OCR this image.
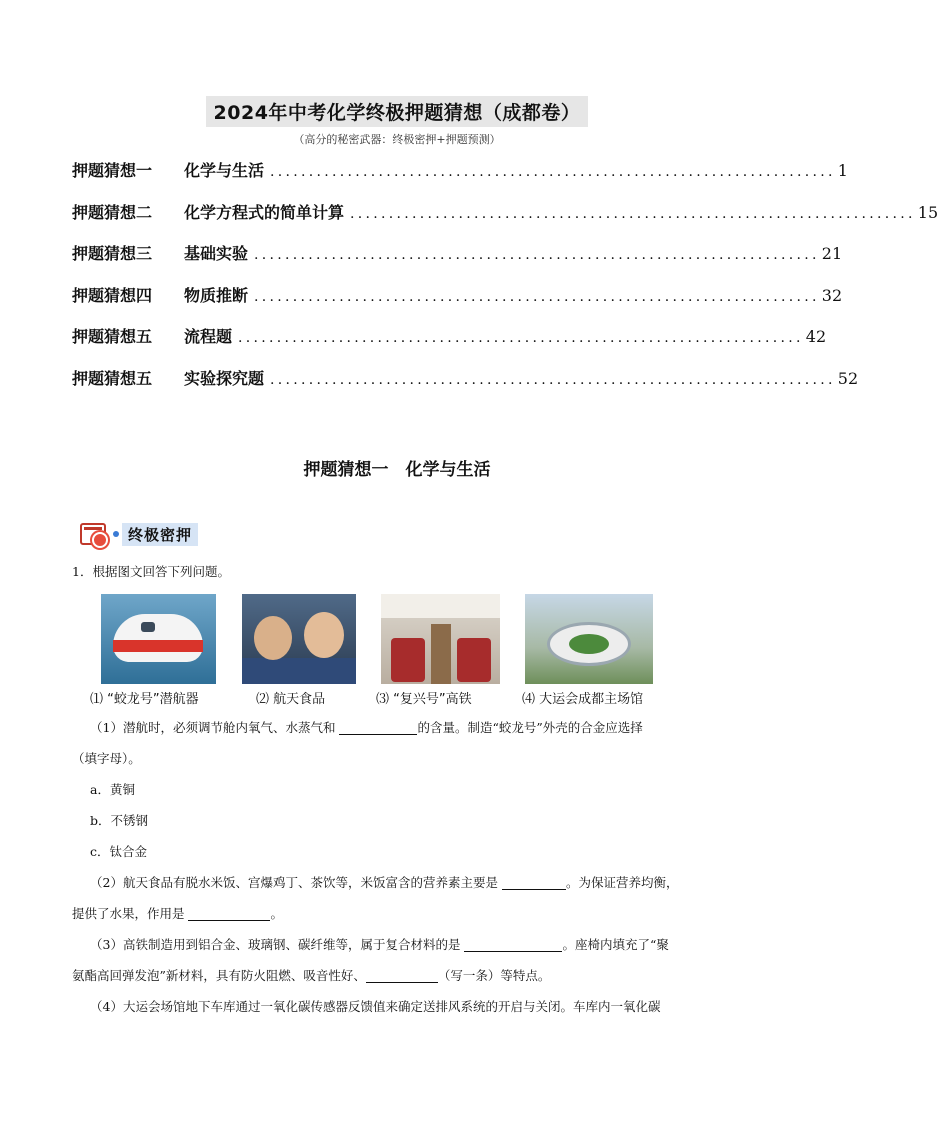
2024年中考化学终极押题猜想（成都卷）
（高分的秘密武器：终极密押+押题预测）
押题猜想一	化学与生活 ......................................................................... 1
押题猜想二	化学方程式的简单计算 ......................................................................... 15
押题猜想三	基础实验 ......................................................................... 21
押题猜想四	物质推断 ......................................................................... 32
押题猜想五	流程题 ......................................................................... 42
押题猜想五	实验探究题 ......................................................................... 52
押题猜想一　化学与生活
终极密押
1．根据图文回答下列问题。
⑴ “蛟龙号”潜航器	⑵ 航天食品	⑶ “复兴号”高铁	⑷ 大运会成都主场馆
（1）潜航时，必须调节舱内氧气、水蒸气和	的含量。制造“蛟龙号”外壳的合金应选择
（填字母）。
a．黄铜
b．不锈钢
c．钛合金
（2）航天食品有脱水米饭、宫爆鸡丁、茶饮等，米饭富含的营养素主要是	。为保证营养均衡，
提供了水果，作用是	。
（3）高铁制造用到铝合金、玻璃钢、碳纤维等，属于复合材料的是	。座椅内填充了“聚
氨酯高回弹发泡”新材料，具有防火阻燃、吸音性好、	（写一条）等特点。
（4）大运会场馆地下车库通过一氧化碳传感器反馈值来确定送排风系统的开启与关闭。车库内一氧化碳
